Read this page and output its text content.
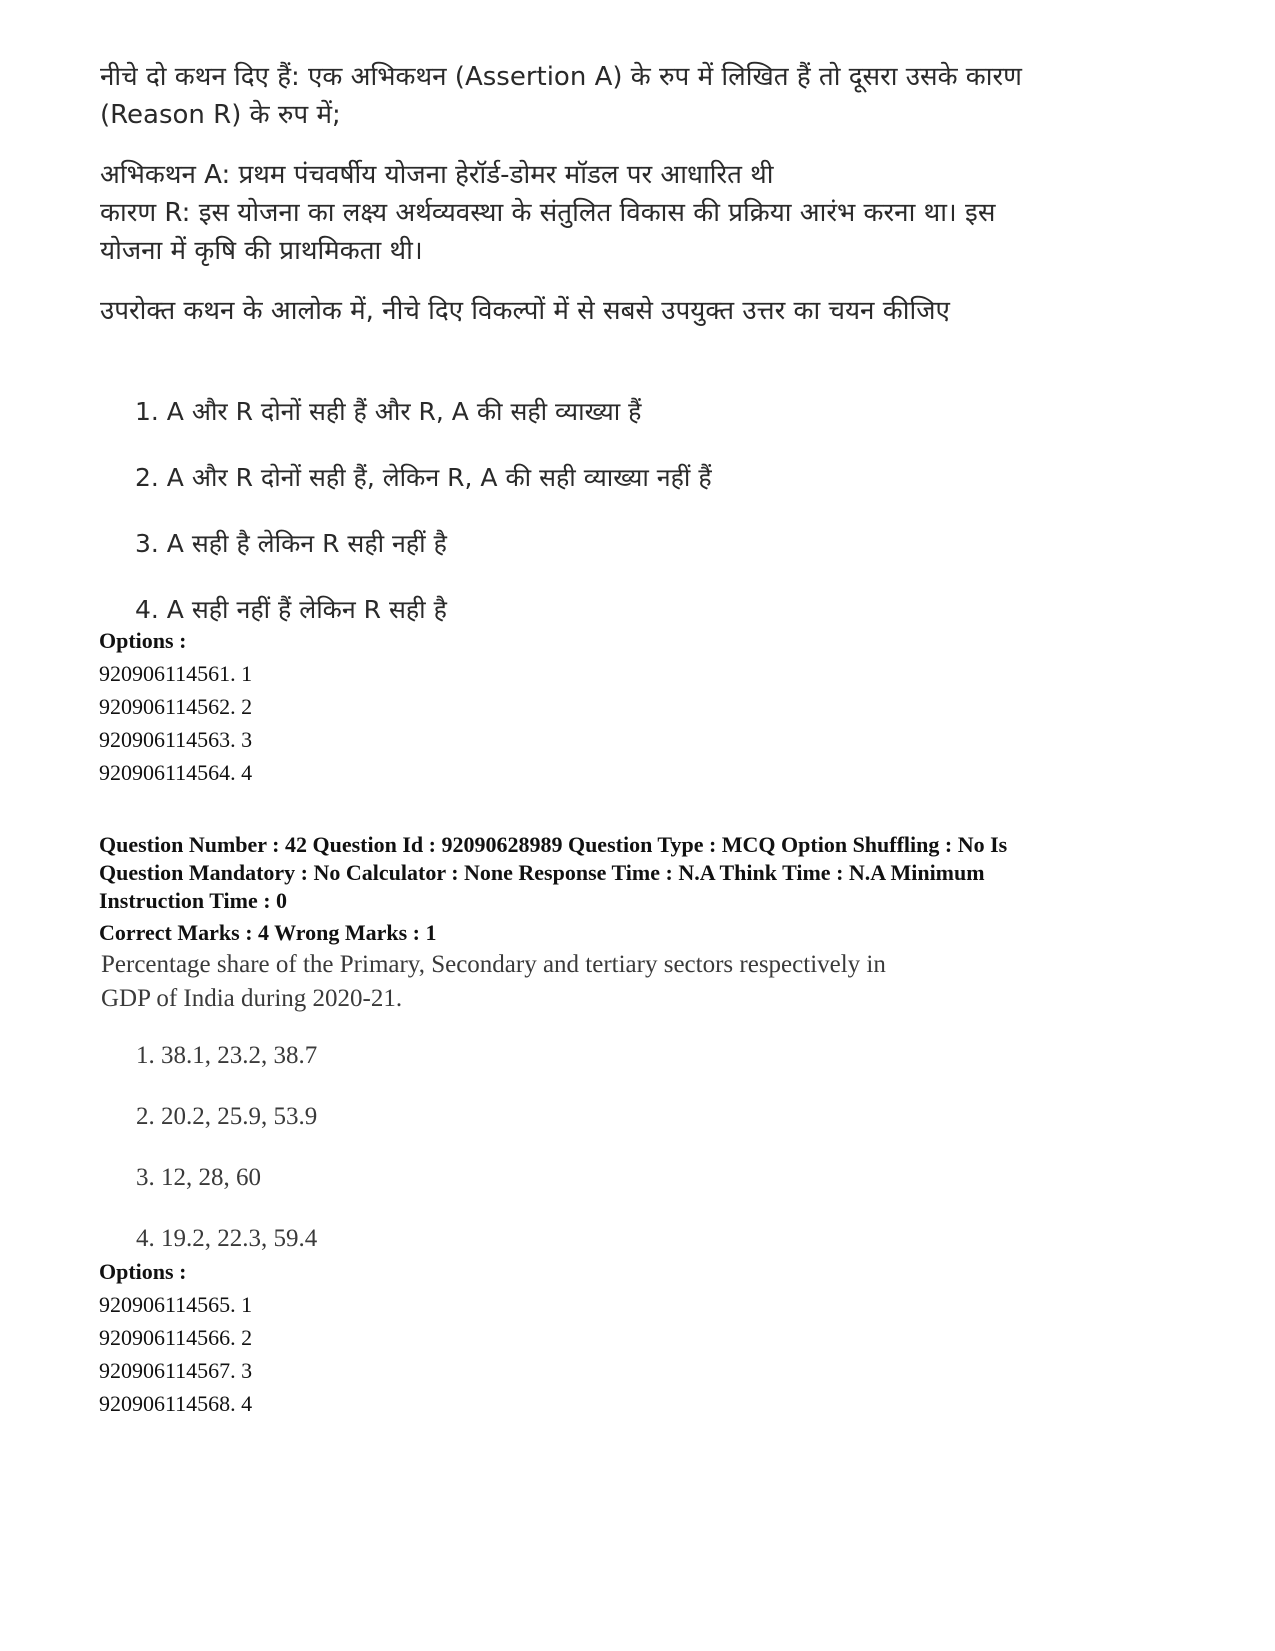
नीचे दो कथन दिए हैं: एक अभिकथन (Assertion A) के रुप में लिखित हैं तो दूसरा उसके कारण (Reason R) के रुप में;

अभिकथन A: प्रथम पंचवर्षीय योजना हेरॉर्ड-डोमर मॉडल पर आधारित थी

कारण R: इस योजना का लक्ष्य अर्थव्यवस्था के संतुलित विकास की प्रक्रिया आरंभ करना था। इस योजना में कृषि की प्राथमिकता थी।

उपरोक्त कथन के आलोक में, नीचे दिए विकल्पों में से सबसे उपयुक्त उत्तर का चयन कीजिए

1. A और R दोनों सही हैं और R, A की सही व्याख्या हैं
2. A और R दोनों सही हैं, लेकिन R, A की सही व्याख्या नहीं हैं
3. A सही है लेकिन R सही नहीं है
4. A सही नहीं हैं लेकिन R सही है
Options :
920906114561. 1
920906114562. 2
920906114563. 3
920906114564. 4
Question Number : 42 Question Id : 92090628989 Question Type : MCQ Option Shuffling : No Is
Question Mandatory : No Calculator : None Response Time : N.A Think Time : N.A Minimum
Instruction Time : 0
Correct Marks : 4 Wrong Marks : 1
Percentage share of the Primary, Secondary and tertiary sectors respectively in
GDP of India during 2020-21.
1. 38.1, 23.2, 38.7
2. 20.2, 25.9, 53.9
3. 12, 28, 60
4. 19.2, 22.3, 59.4
Options :
920906114565. 1
920906114566. 2
920906114567. 3
920906114568. 4
